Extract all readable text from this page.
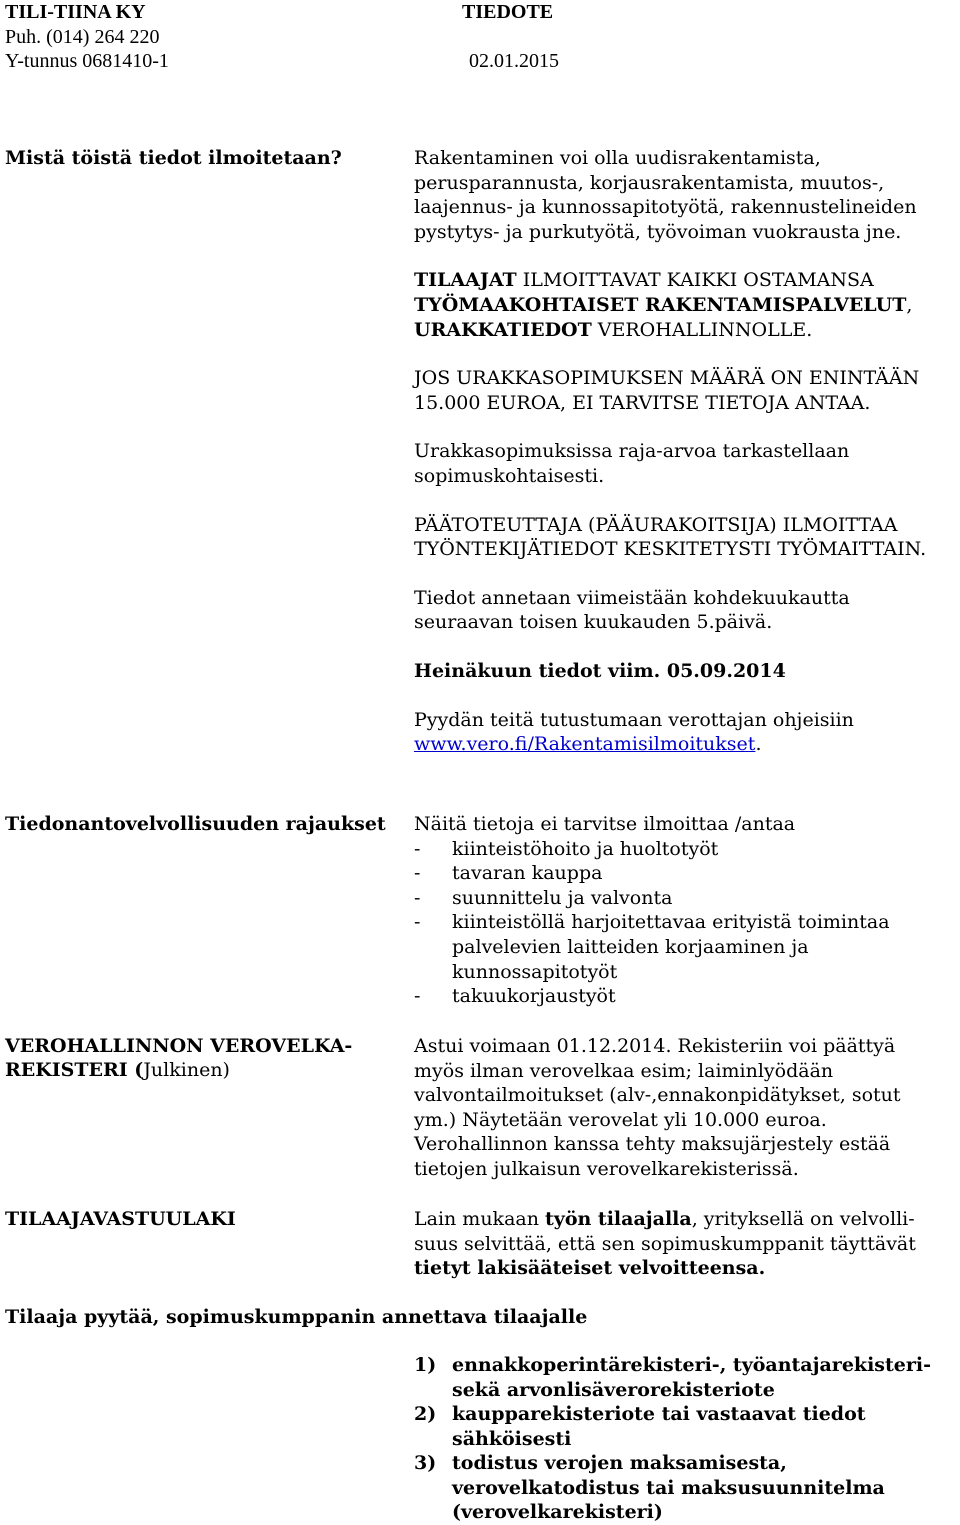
TILI-TIINA KY
Puh. (014) 264 220
Y-tunnus 0681410-1
TIEDOTE
02.01.2015
Mistä töistä tiedot ilmoitetaan?	Rakentaminen voi olla uudisrakentamista,
perusparannusta, korjausrakentamista, muutos-,
laajennus- ja kunnossapitotyötä, rakennustelineiden
pystytys- ja purkutyötä, työvoiman vuokrausta jne.

TILAAJAT ILMOITTAVAT KAIKKI OSTAMANSA
TYÖMAAKOHTAISET RAKENTAMISPALVELUT,
URAKKATIEDOT VEROHALLINNOLLE.

JOS URAKKASOPIMUKSEN MÄÄRÄ ON ENINTÄÄN
15.000 EUROA, EI TARVITSE TIETOJA ANTAA.

Urakkasopimuksissa raja-arvoa tarkastellaan
sopimuskohtaisesti.

PÄÄTOTEUTTAJA (PÄÄURAKOITSIJA) ILMOITTAA
TYÖNTEKIJÄTIEDOT KESKITETYSTI TYÖMAITTAIN.

Tiedot annetaan viimeistään kohdekuukautta
seuraavan toisen kuukauden 5.päivä.

Heinäkuun tiedot viim. 05.09.2014

Pyydän teitä tutustumaan verottajan ohjeisiin
www.vero.fi/Rakentamisilmoitukset.

Tiedonantovelvollisuuden rajaukset Näitä tietoja ei tarvitse ilmoittaa /antaa

- kiinteistöhoito ja huoltotyöt
- tavaran kauppa
- suunnittelu ja valvonta
- kiinteistöllä harjoitettavaa erityistä toimintaa
palvelevien laitteiden korjaaminen ja
kunnossapitotyöt
- takuukorjaustyöt
VEROHALLINNON VEROVELKA-
REKISTERI (Julkinen)
Astui voimaan 01.12.2014. Rekisteriin voi päättyä
myös ilman verovelkaa esim; laiminlyödään
valvontailmoitukset (alv-,ennakonpidätykset, sotut
ym.) Näytetään verovelat yli 10.000 euroa.
Verohallinnon kanssa tehty maksujärjestely estää
tietojen julkaisun verovelkarekisterissä.
TILAAJAVASTUULAKI	Lain mukaan työn tilaajalla, yrityksellä on velvolli-
suus selvittää, että sen sopimuskumppanit täyttävät
tietyt lakisääteiset velvoitteensa.
Tilaaja pyytää, sopimuskumppanin annettava tilaajalle
1) ennakkoperintärekisteri-, työantajarekisteri-
sekä arvonlisäverorekisteriote
2) kaupparekisteriote tai vastaavat tiedot
sähköisesti
3) todistus verojen maksamisesta,
verovelkatodistus tai maksusuunnitelma
(verovelkarekisteri)
